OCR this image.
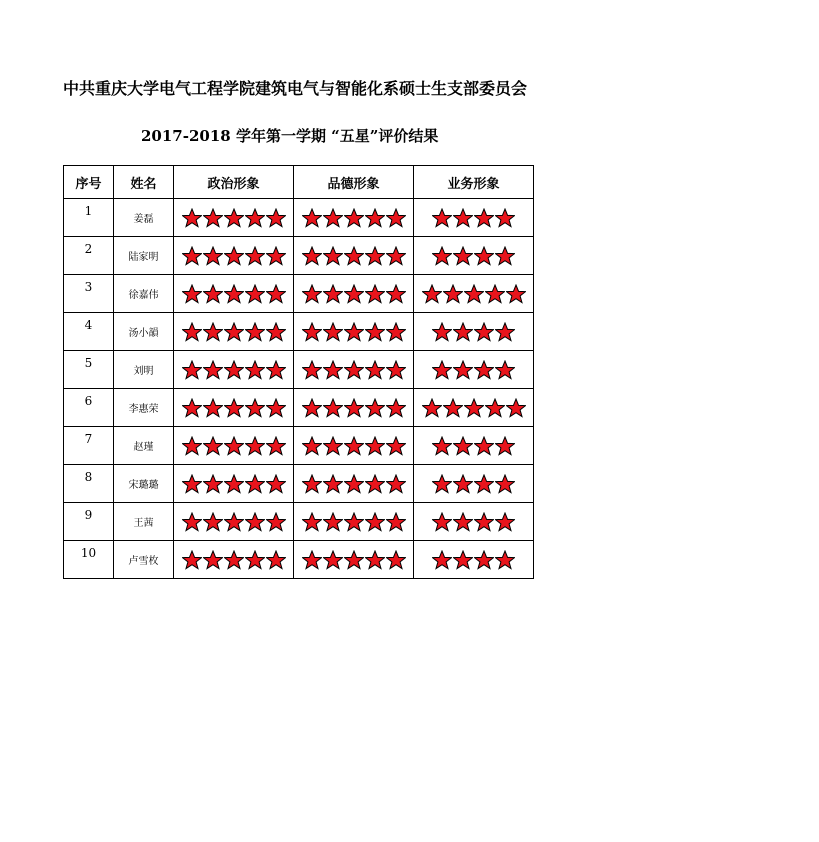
中共重庆大学电气工程学院建筑电气与智能化系硕士生支部委员会
2017-2018 学年第一学期 “五星”评价结果
序号	姓名	政治形象	品德形象	业务形象
1	姜磊	

2	陆家明	

3	徐嘉伟	

4	汤小韻	

5	刘明	

6	李惠荣	

7	赵瑾	

8	宋璐璐	

9	王茜	

10	卢雪枚	
